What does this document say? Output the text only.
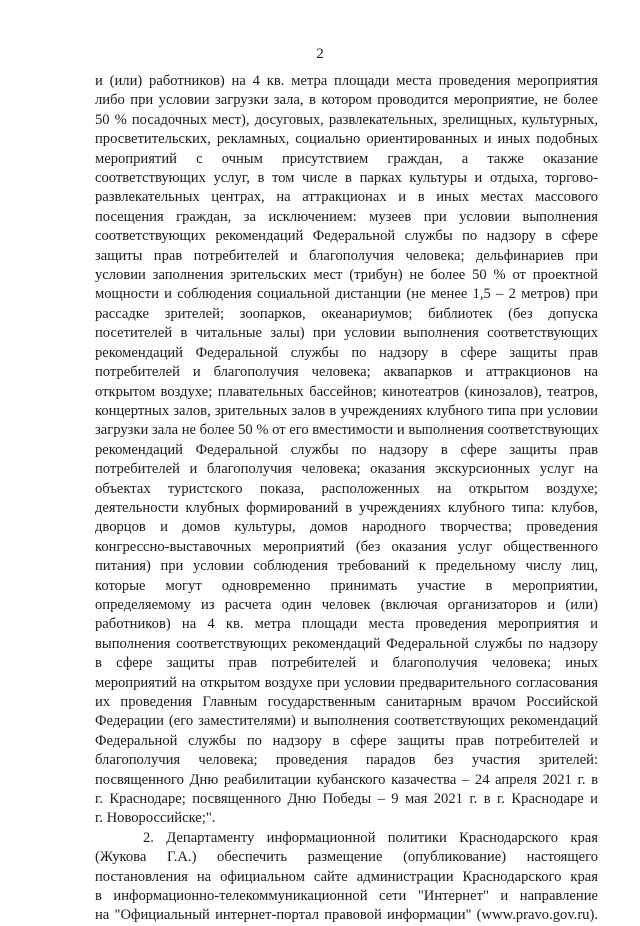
2

и (или) работников) на 4 кв. метра площади места проведения мероприятия
либо при условии загрузки зала, в котором проводится мероприятие, не более
50 % посадочных мест), досуговых, развлекательных, зрелищных, культурных,
просветительских, рекламных, социально ориентированных и иных подобных
мероприятий с очным присутствием граждан, а также оказание
соответствующих услуг, в том числе в парках культуры и отдыха, торгово-
развлекательных центрах, на аттракционах и в иных местах массового
посещения граждан, за исключением: музеев при условии выполнения
соответствующих рекомендаций Федеральной службы по надзору в сфере
защиты прав потребителей и благополучия человека; дельфинариев при
условии заполнения зрительских мест (трибун) не более 50 % от проектной
мощности и соблюдения социальной дистанции (не менее 1,5 – 2 метров) при
рассадке зрителей; зоопарков, океанариумов; библиотек (без допуска
посетителей в читальные залы) при условии выполнения соответствующих
рекомендаций Федеральной службы по надзору в сфере защиты прав
потребителей и благополучия человека; аквапарков и аттракционов на
открытом воздухе; плавательных бассейнов; кинотеатров (кинозалов), театров,
концертных залов, зрительных залов в учреждениях клубного типа при условии
загрузки зала не более 50 % от его вместимости и выполнения соответствующих
рекомендаций Федеральной службы по надзору в сфере защиты прав
потребителей и благополучия человека; оказания экскурсионных услуг на
объектах туристского показа, расположенных на открытом воздухе;
деятельности клубных формирований в учреждениях клубного типа: клубов,
дворцов и домов культуры, домов народного творчества; проведения
конгрессно-выставочных мероприятий (без оказания услуг общественного
питания) при условии соблюдения требований к предельному числу лиц,
которые могут одновременно принимать участие в мероприятии,
определяемому из расчета один человек (включая организаторов и (или)
работников) на 4 кв. метра площади места проведения мероприятия и
выполнения соответствующих рекомендаций Федеральной службы по надзору
в сфере защиты прав потребителей и благополучия человека; иных
мероприятий на открытом воздухе при условии предварительного согласования
их проведения Главным государственным санитарным врачом Российской
Федерации (его заместителями) и выполнения соответствующих рекомендаций
Федеральной службы по надзору в сфере защиты прав потребителей и
благополучия человека; проведения парадов без участия зрителей:
посвященного Дню реабилитации кубанского казачества – 24 апреля 2021 г. в
г. Краснодаре; посвященного Дню Победы – 9 мая 2021 г. в г. Краснодаре и
г. Новороссийске;".

2. Департаменту информационной политики Краснодарского края
(Жукова Г.А.) обеспечить размещение (опубликование) настоящего
постановления на официальном сайте администрации Краснодарского края
в информационно-телекоммуникационной сети "Интернет" и направление
на "Официальный интернет-портал правовой информации" (www.pravo.gov.ru).
